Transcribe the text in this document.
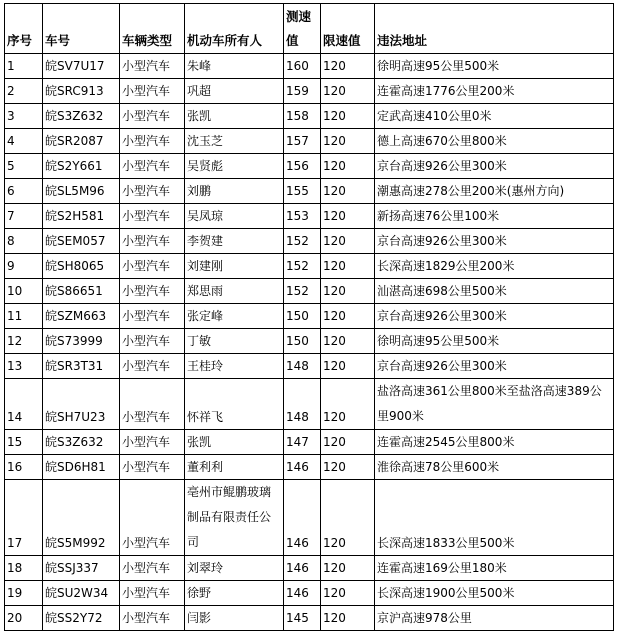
序号	车号	车辆类型	机动车所有人	测速值	限速值	违法地址
1	皖SV7U17	小型汽车	朱峰	160	120	徐明高速95公里500米
2	皖SRC913	小型汽车	巩超	159	120	连霍高速1776公里200米
3	皖S3Z632	小型汽车	张凯	158	120	定武高速410公里0米
4	皖SR2087	小型汽车	沈玉芝	157	120	德上高速670公里800米
5	皖S2Y661	小型汽车	吴贤彪	156	120	京台高速926公里300米
6	皖SL5M96	小型汽车	刘鹏	155	120	潮惠高速278公里200米(惠州方向)
7	皖S2H581	小型汽车	吴凤琼	153	120	新扬高速76公里100米
8	皖SEM057	小型汽车	李贺建	152	120	京台高速926公里300米
9	皖SH8065	小型汽车	刘建刚	152	120	长深高速1829公里200米
10	皖S86651	小型汽车	郑思雨	152	120	汕湛高速698公里500米
11	皖SZM663	小型汽车	张定峰	150	120	京台高速926公里300米
12	皖S73999	小型汽车	丁敏	150	120	徐明高速95公里500米
13	皖SR3T31	小型汽车	王桂玲	148	120	京台高速926公里300米
14	皖SH7U23	小型汽车	怀祥飞	148	120	盐洛高速361公里800米至盐洛高速389公里900米
15	皖S3Z632	小型汽车	张凯	147	120	连霍高速2545公里800米
16	皖SD6H81	小型汽车	董利利	146	120	淮徐高速78公里600米
17	皖S5M992	小型汽车	亳州市鲲鹏玻璃制品有限责任公司	146	120	长深高速1833公里500米
18	皖SSJ337	小型汽车	刘翠玲	146	120	连霍高速169公里180米
19	皖SU2W34	小型汽车	徐野	146	120	长深高速1900公里500米
20	皖SS2Y72	小型汽车	闫影	145	120	京沪高速978公里
